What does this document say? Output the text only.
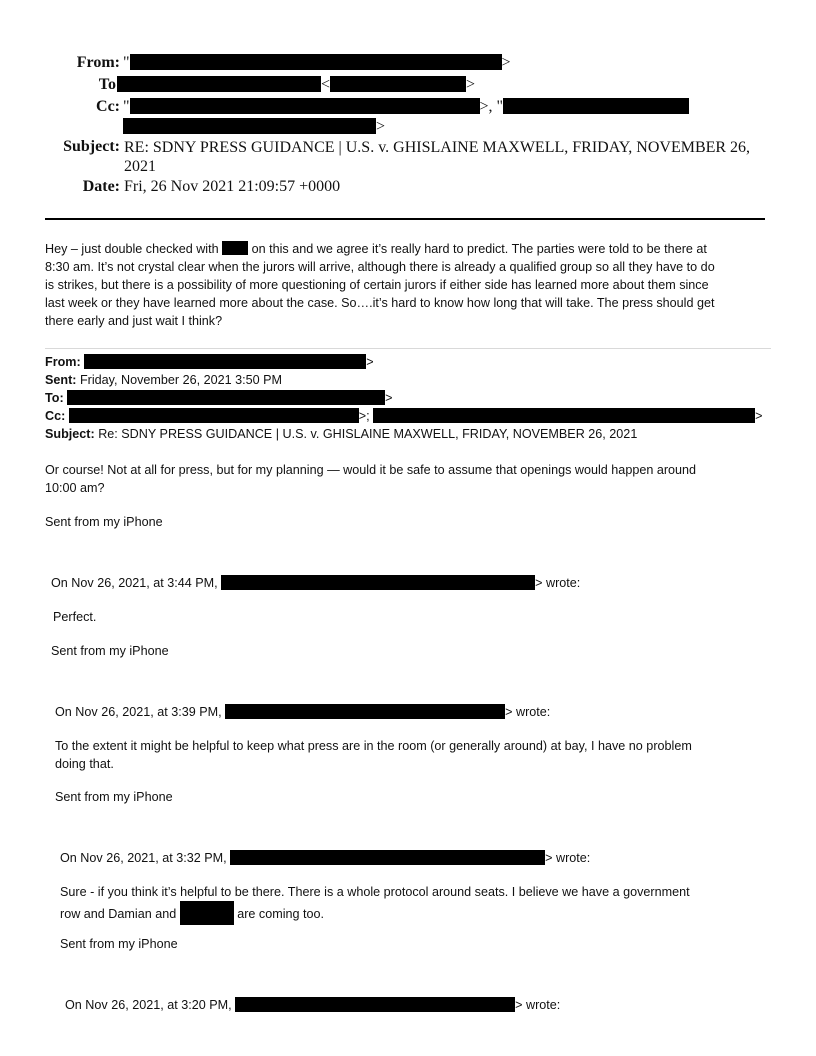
From: "	>
To	<	>
Cc: "	>, "
>
Subject: RE: SDNY PRESS GUIDANCE | U.S. v. GHISLAINE MAXWELL, FRIDAY, NOVEMBER 26,
2021
Date: Fri, 26 Nov 2021 21:09:57 +0000
Hey – just double checked with	on this and we agree it’s really hard to predict. The parties were told to be there at
8:30 am. It’s not crystal clear when the jurors will arrive, although there is already a qualified group so all they have to do
is strikes, but there is a possibility of more questioning of certain jurors if either side has learned more about them since
last week or they have learned more about the case. So….it’s hard to know how long that will take. The press should get
there early and just wait I think?
From:	>
Sent: Friday, November 26, 2021 3:50 PM
To:	>
Cc:	>;	>
Subject: Re: SDNY PRESS GUIDANCE | U.S. v. GHISLAINE MAXWELL, FRIDAY, NOVEMBER 26, 2021
Or course! Not at all for press, but for my planning — would it be safe to assume that openings would happen around
10:00 am?
Sent from my iPhone
On Nov 26, 2021, at 3:44 PM,	> wrote:
Perfect.
Sent from my iPhone
On Nov 26, 2021, at 3:39 PM,	> wrote:
To the extent it might be helpful to keep what press are in the room (or generally around) at bay, I have no problem
doing that.
Sent from my iPhone
On Nov 26, 2021, at 3:32 PM,	> wrote:
Sure - if you think it’s helpful to be there. There is a whole protocol around seats. I believe we have a government
row and Damian and	are coming too.
Sent from my iPhone
On Nov 26, 2021, at 3:20 PM,	> wrote:
